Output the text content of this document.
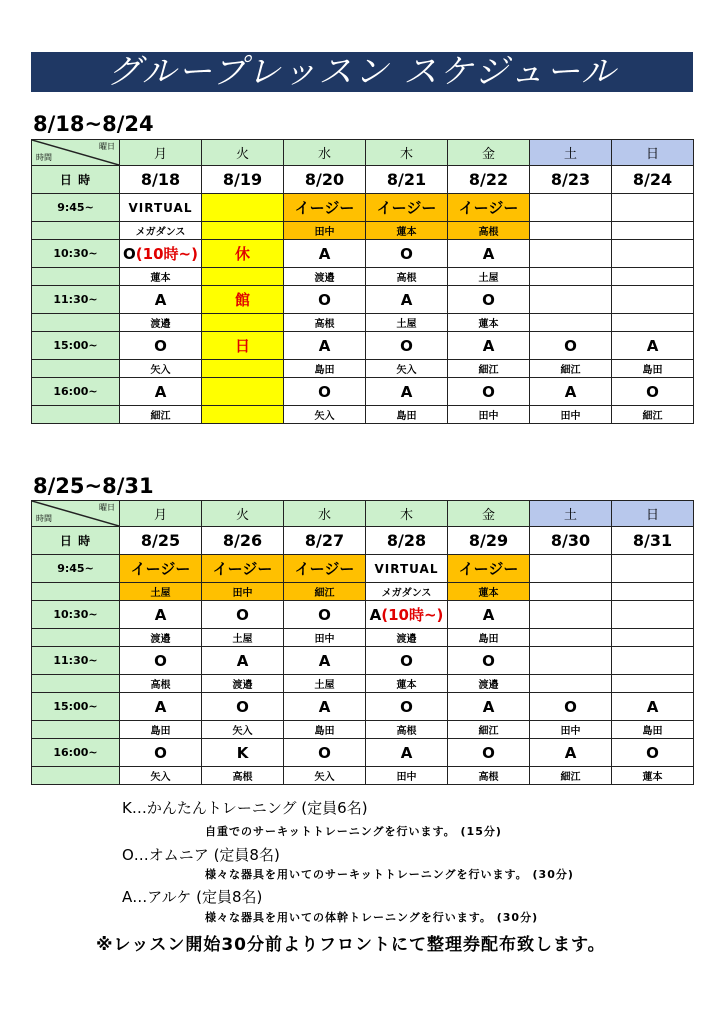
グループレッスン スケジュール
8/18~8/24
曜日
時間	月	火	水	木	金	土	日
日 時	8/18	8/19	8/20	8/21	8/22	8/23	8/24
9:45~	VIRTUAL		イージー	イージー	イージー		
	メガダンス		田中	蓮本	高根		
10:30~	O(10時~)	休	A	O	A		
	蓮本		渡邉	高根	土屋		
11:30~	A	館	O	A	O		
	渡邉		高根	土屋	蓮本		
15:00~	O	日	A	O	A	O	A
	矢入		島田	矢入	細江	細江	島田
16:00~	A		O	A	O	A	O
	細江		矢入	島田	田中	田中	細江
8/25~8/31
曜日
時間	月	火	水	木	金	土	日
日 時	8/25	8/26	8/27	8/28	8/29	8/30	8/31
9:45~	イージー	イージー	イージー	VIRTUAL	イージー		
	土屋	田中	細江	メガダンス	蓮本		
10:30~	A	O	O	A(10時~)	A		
	渡邉	土屋	田中	渡邉	島田		
11:30~	O	A	A	O	O		
	高根	渡邉	土屋	蓮本	渡邉		
15:00~	A	O	A	O	A	O	A
	島田	矢入	島田	高根	細江	田中	島田
16:00~	O	K	O	A	O	A	O
	矢入	高根	矢入	田中	高根	細江	蓮本
K…かんたんトレーニング (定員6名)
自重でのサーキットトレーニングを行います。 (15分)
O…オムニア (定員8名)
様々な器具を用いてのサーキットトレーニングを行います。 (30分)
A…アルケ (定員8名)
様々な器具を用いての体幹トレーニングを行います。 (30分)
※レッスン開始30分前よりフロントにて整理券配布致します。
